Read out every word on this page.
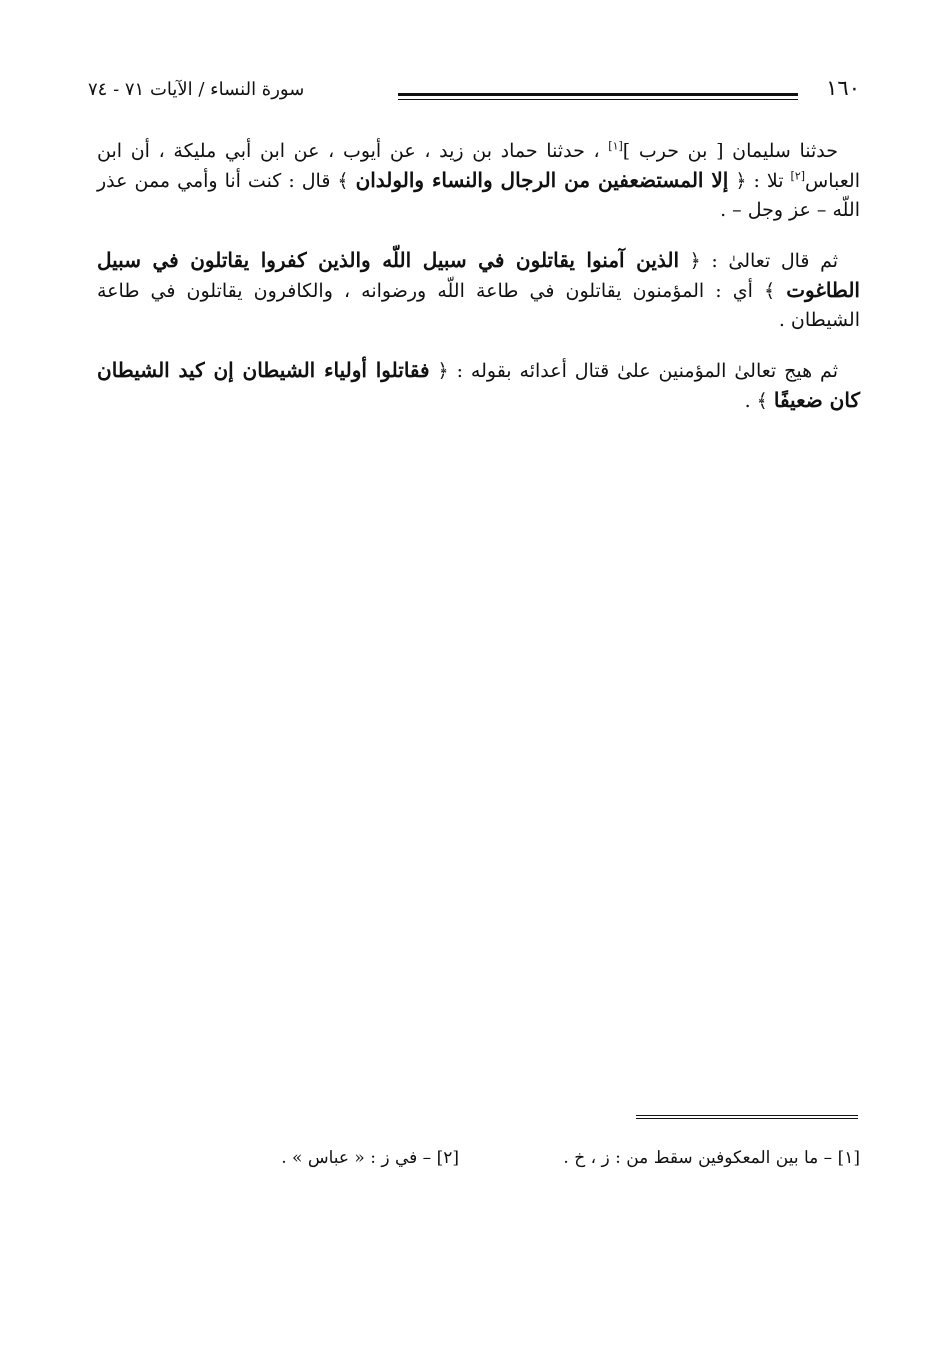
١٦٠
سورة النساء / الآيات ٧١ - ٧٤

حدثنا سليمان [ بن حرب ][١] ، حدثنا حماد بن زيد ، عن أيوب ، عن ابن أبي مليكة ، أن ابن العباس[٢] تلا : ﴿ إلا المستضعفين من الرجال والنساء والولدان ﴾ قال : كنت أنا وأمي ممن عذر اللّه – عز وجل – .

ثم قال تعالىٰ : ﴿ الذين آمنوا يقاتلون في سبيل اللّه والذين كفروا يقاتلون في سبيل الطاغوت ﴾ أي : المؤمنون يقاتلون في طاعة اللّه ورضوانه ، والكافرون يقاتلون في طاعة الشيطان .

ثم هيج تعالىٰ المؤمنين علىٰ قتال أعدائه بقوله : ﴿ فقاتلوا أولياء الشيطان إن كيد الشيطان كان ضعيفًا ﴾ .

[١] – ما بين المعكوفين سقط من : ز ، خ .
[٢] – في ز : « عباس » .
